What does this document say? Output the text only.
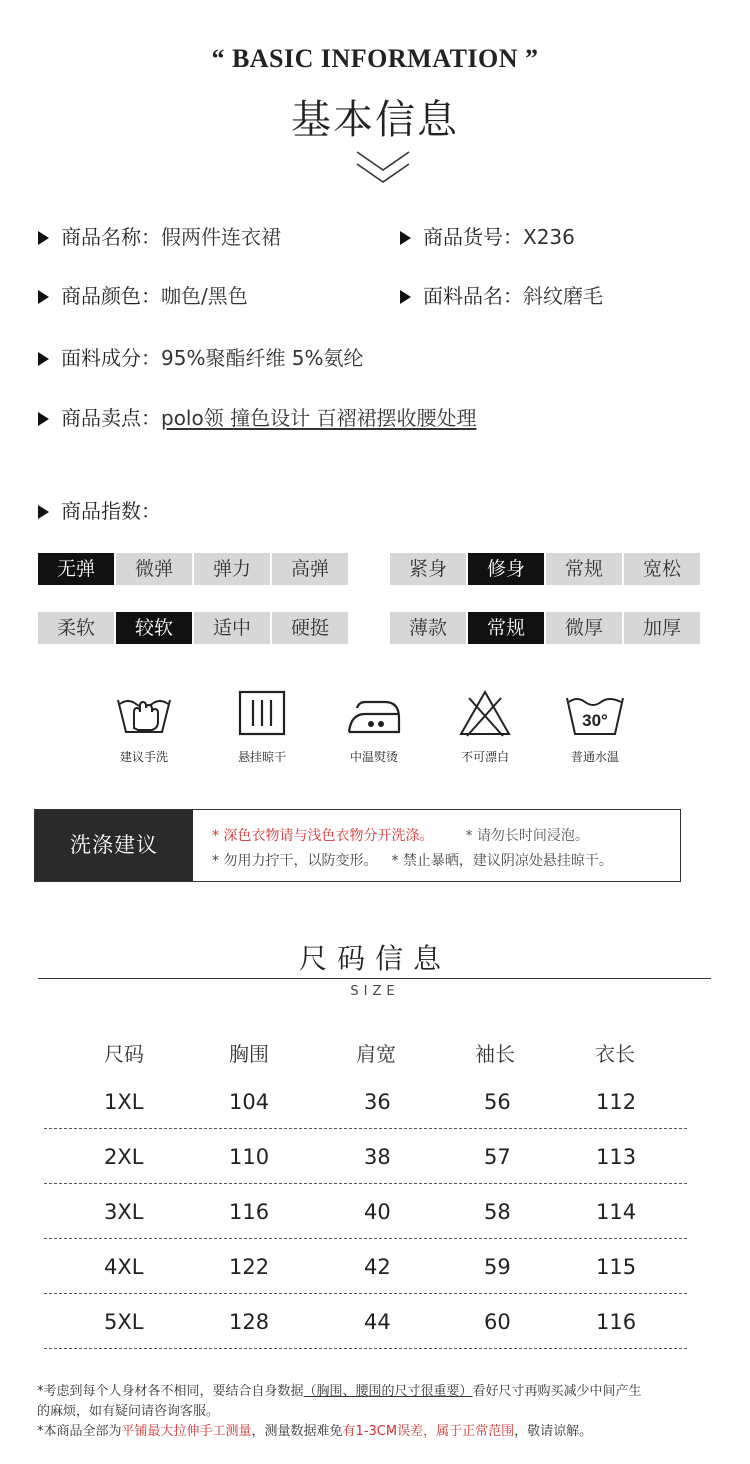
“ BASIC INFORMATION ”
基本信息
商品名称：假两件连衣裙	商品货号：X236
商品颜色：咖色/黑色	面料品名：斜纹磨毛
面料成分：95%聚酯纤维 5%氨纶
商品卖点：polo领 撞色设计 百褶裙摆收腰处理
商品指数：
无弹	微弹	弹力	高弹	紧身	修身	常规	宽松
柔软	较软	适中	硬挺	薄款	常规	微厚	加厚
建议手洗	悬挂晾干	中温熨烫	不可漂白
30°
普通水温
洗涤建议	* 深色衣物请与浅色衣物分开洗涤。 * 请勿长时间浸泡。
* 勿用力拧干，以防变形。 * 禁止暴晒，建议阴凉处悬挂晾干。
尺码信息
SIZE
尺码	胸围	肩宽	袖长	衣长
1XL	104	36	56	112
2XL	110	38	57	113
3XL	116	40	58	114
4XL	122	42	59	115
5XL	128	44	60	116
*考虑到每个人身材各不相同，要结合自身数据（胸围、腰围的尺寸很重要）看好尺寸再购买减少中间产生
的麻烦，如有疑问请咨询客服。
*本商品全部为平铺最大拉伸手工测量，测量数据难免有1-3CM误差，属于正常范围，敬请谅解。
